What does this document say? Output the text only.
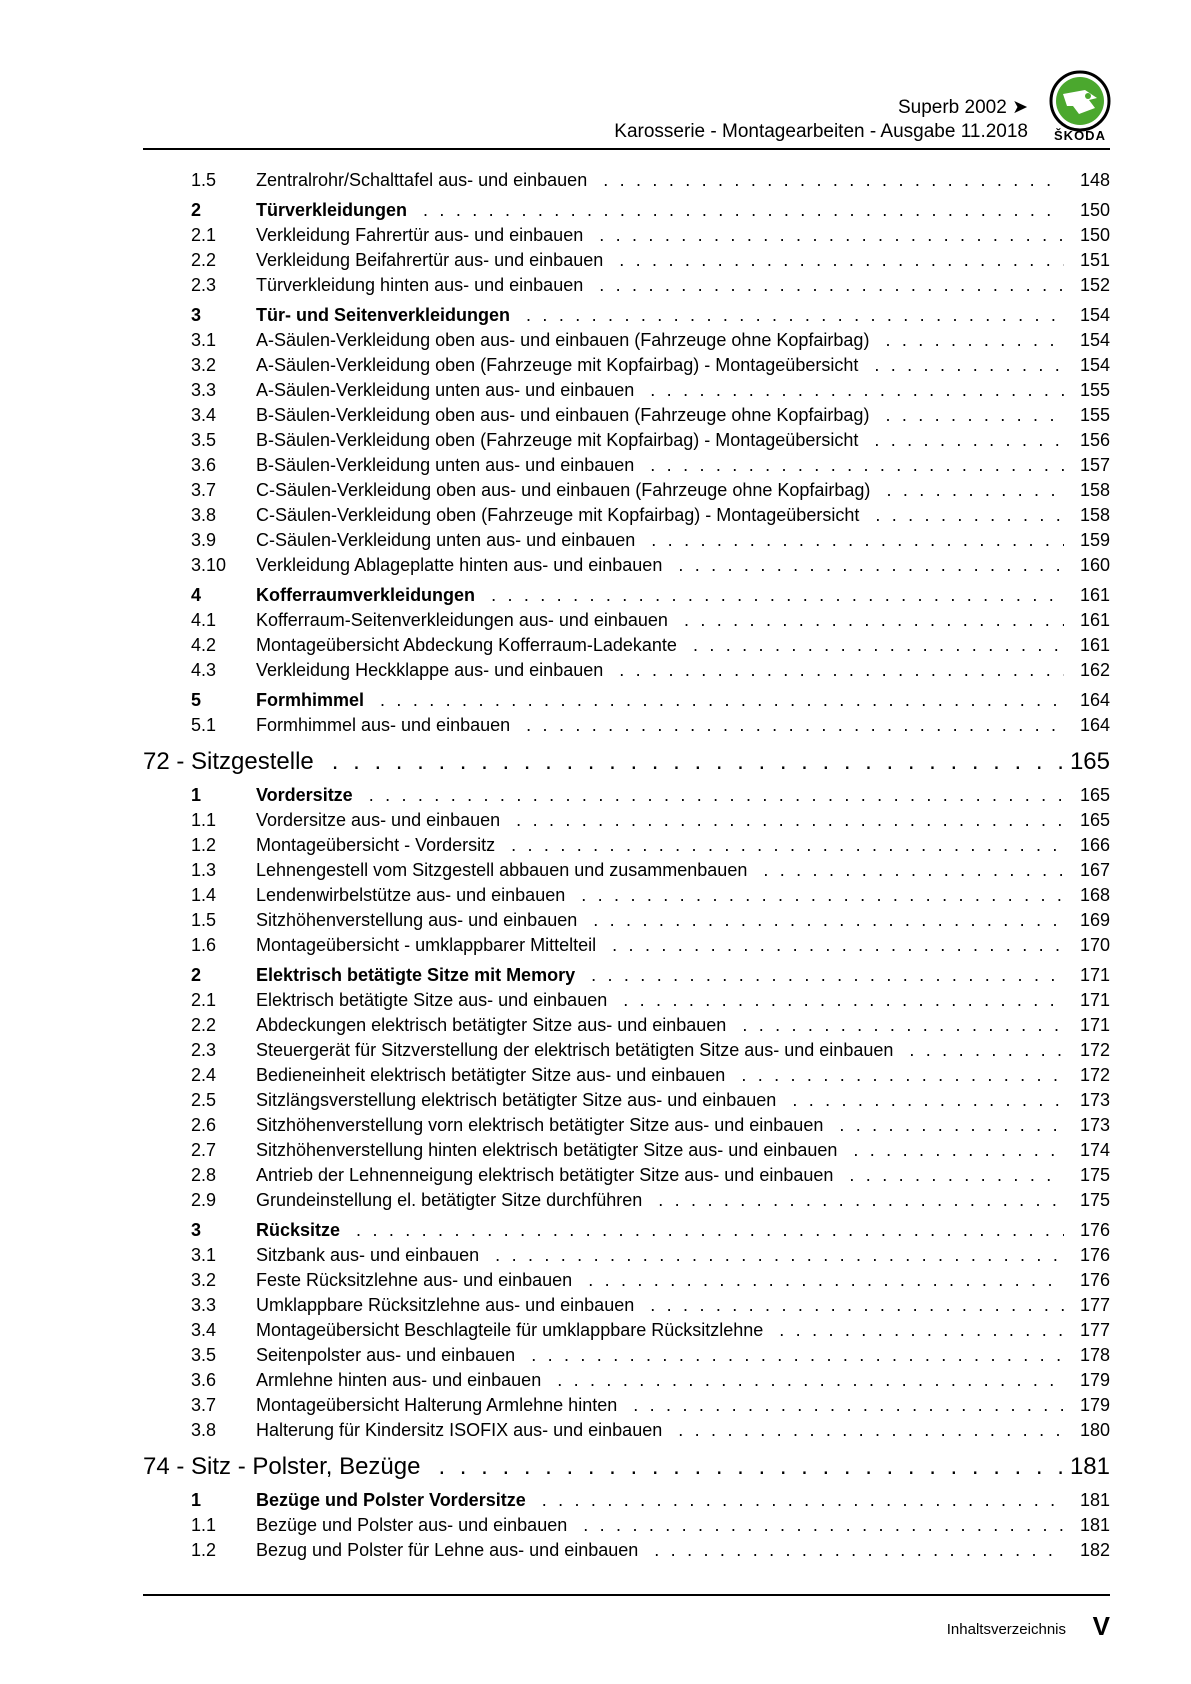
Superb 2002 ➤
Karosserie - Montagearbeiten - Ausgabe 11.2018	ŠKODA
1.5 Zentralrohr/Schalttafel aus- und einbauen . . .	148
2	Türverkleidungen . . .	150
2.1 Verkleidung Fahrertür aus- und einbauen . . .	150
2.2 Verkleidung Beifahrertür aus- und einbauen . . .	151
2.3 Türverkleidung hinten aus- und einbauen . . .	152
3	Tür- und Seitenverkleidungen . . .	154
3.1 A-Säulen-Verkleidung oben aus- und einbauen (Fahrzeuge ohne Kopfairbag) . . .	154
3.2 A-Säulen-Verkleidung oben (Fahrzeuge mit Kopfairbag) - Montageübersicht . . .	154
3.3 A-Säulen-Verkleidung unten aus- und einbauen . . .	155
3.4 B-Säulen-Verkleidung oben aus- und einbauen (Fahrzeuge ohne Kopfairbag) . . .	155
3.5 B-Säulen-Verkleidung oben (Fahrzeuge mit Kopfairbag) - Montageübersicht . . .	156
3.6 B-Säulen-Verkleidung unten aus- und einbauen . . .	157
3.7 C-Säulen-Verkleidung oben aus- und einbauen (Fahrzeuge ohne Kopfairbag) . . .	158
3.8 C-Säulen-Verkleidung oben (Fahrzeuge mit Kopfairbag) - Montageübersicht . . .	158
3.9 C-Säulen-Verkleidung unten aus- und einbauen . . .	159
3.10 Verkleidung Ablageplatte hinten aus- und einbauen . . .	160
4	Kofferraumverkleidungen . . .	161
4.1 Kofferraum-Seitenverkleidungen aus- und einbauen . . .	161
4.2 Montageübersicht Abdeckung Kofferraum-Ladekante . . .	161
4.3 Verkleidung Heckklappe aus- und einbauen . . .	162
5	Formhimmel . . .	164
5.1 Formhimmel aus- und einbauen . . .	164
72 - Sitzgestelle . . .	165
1	Vordersitze . . .	165
1.1 Vordersitze aus- und einbauen . . .	165
1.2 Montageübersicht - Vordersitz . . .	166
1.3 Lehnengestell vom Sitzgestell abbauen und zusammenbauen . . .	167
1.4 Lendenwirbelstütze aus- und einbauen . . .	168
1.5 Sitzhöhenverstellung aus- und einbauen . . .	169
1.6 Montageübersicht - umklappbarer Mittelteil . . .	170
2	Elektrisch betätigte Sitze mit Memory . . .	171
2.1 Elektrisch betätigte Sitze aus- und einbauen . . .	171
2.2 Abdeckungen elektrisch betätigter Sitze aus- und einbauen . . .	171
2.3 Steuergerät für Sitzverstellung der elektrisch betätigten Sitze aus- und einbauen . . .	172
2.4 Bedieneinheit elektrisch betätigter Sitze aus- und einbauen . . .	172
2.5 Sitzlängsverstellung elektrisch betätigter Sitze aus- und einbauen . . .	173
2.6 Sitzhöhenverstellung vorn elektrisch betätigter Sitze aus- und einbauen . . .	173
2.7 Sitzhöhenverstellung hinten elektrisch betätigter Sitze aus- und einbauen . . .	174
2.8 Antrieb der Lehnenneigung elektrisch betätigter Sitze aus- und einbauen . . .	175
2.9 Grundeinstellung el. betätigter Sitze durchführen . . .	175
3	Rücksitze . . .	176
3.1 Sitzbank aus- und einbauen . . .	176
3.2 Feste Rücksitzlehne aus- und einbauen . . .	176
3.3 Umklappbare Rücksitzlehne aus- und einbauen . . .	177
3.4 Montageübersicht Beschlagteile für umklappbare Rücksitzlehne . . .	177
3.5 Seitenpolster aus- und einbauen . . .	178
3.6 Armlehne hinten aus- und einbauen . . .	179
3.7 Montageübersicht Halterung Armlehne hinten . . .	179
3.8 Halterung für Kindersitz ISOFIX aus- und einbauen . . .	180
74 - Sitz - Polster, Bezüge . . .	181
1	Bezüge und Polster Vordersitze . . .	181
1.1 Bezüge und Polster aus- und einbauen . . .	181
1.2 Bezug und Polster für Lehne aus- und einbauen . . .	182
Inhaltsverzeichnis V
